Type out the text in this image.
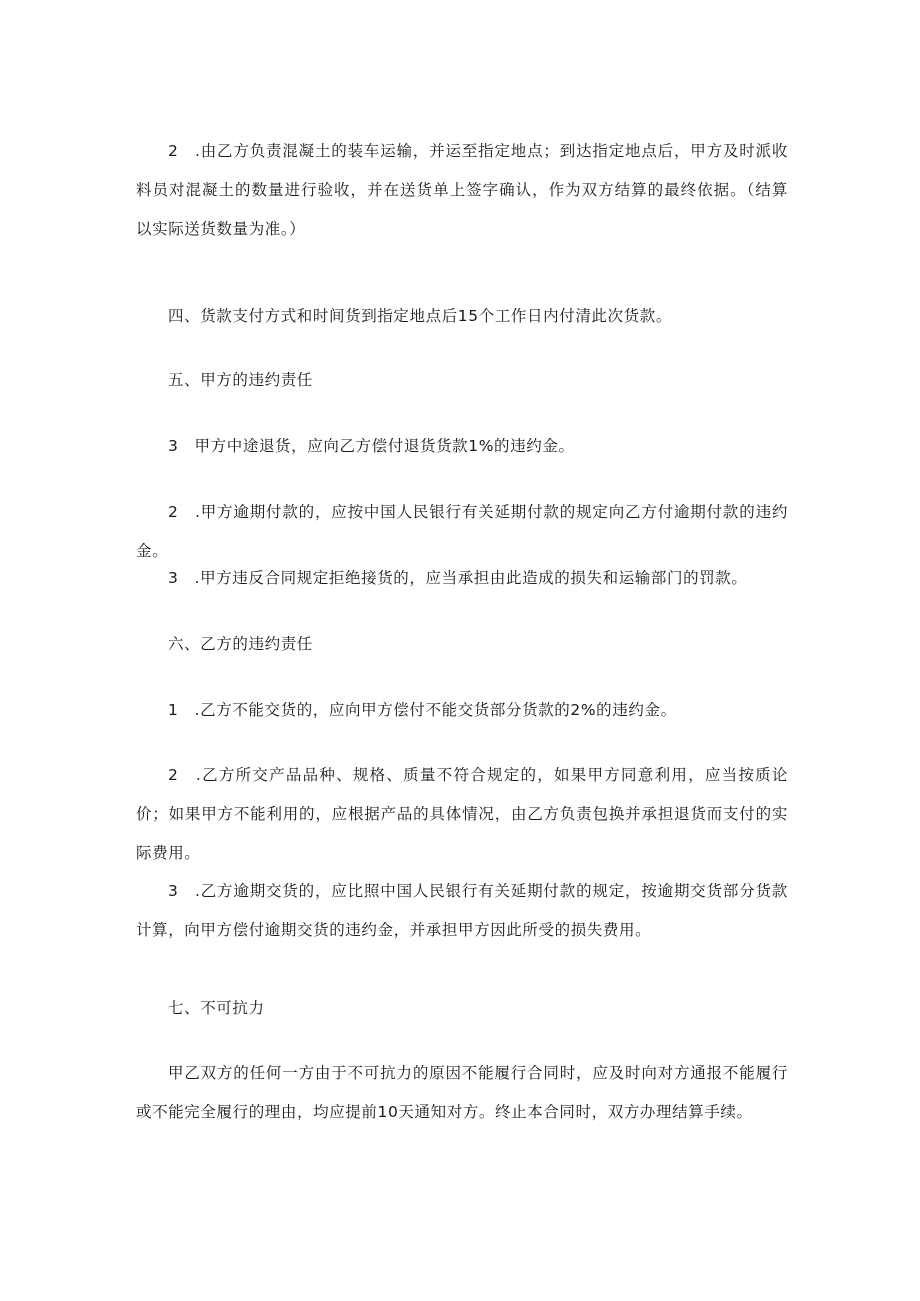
2　.由乙方负责混凝土的装车运输，并运至指定地点；到达指定地点后，甲方及时派收料员对混凝土的数量进行验收，并在送货单上签字确认，作为双方结算的最终依据。（结算以实际送货数量为准。）

四、货款支付方式和时间货到指定地点后15个工作日内付清此次货款。

五、甲方的违约责任

3　甲方中途退货，应向乙方偿付退货货款1%的违约金。

2　.甲方逾期付款的，应按中国人民银行有关延期付款的规定向乙方付逾期付款的违约金。

3　.甲方违反合同规定拒绝接货的，应当承担由此造成的损失和运输部门的罚款。

六、乙方的违约责任

1　.乙方不能交货的，应向甲方偿付不能交货部分货款的2%的违约金。

2　.乙方所交产品品种、规格、质量不符合规定的，如果甲方同意利用，应当按质论价；如果甲方不能利用的，应根据产品的具体情况，由乙方负责包换并承担退货而支付的实际费用。

3　.乙方逾期交货的，应比照中国人民银行有关延期付款的规定，按逾期交货部分货款计算，向甲方偿付逾期交货的违约金，并承担甲方因此所受的损失费用。

七、不可抗力

甲乙双方的任何一方由于不可抗力的原因不能履行合同时，应及时向对方通报不能履行或不能完全履行的理由，均应提前10天通知对方。终止本合同时，双方办理结算手续。
